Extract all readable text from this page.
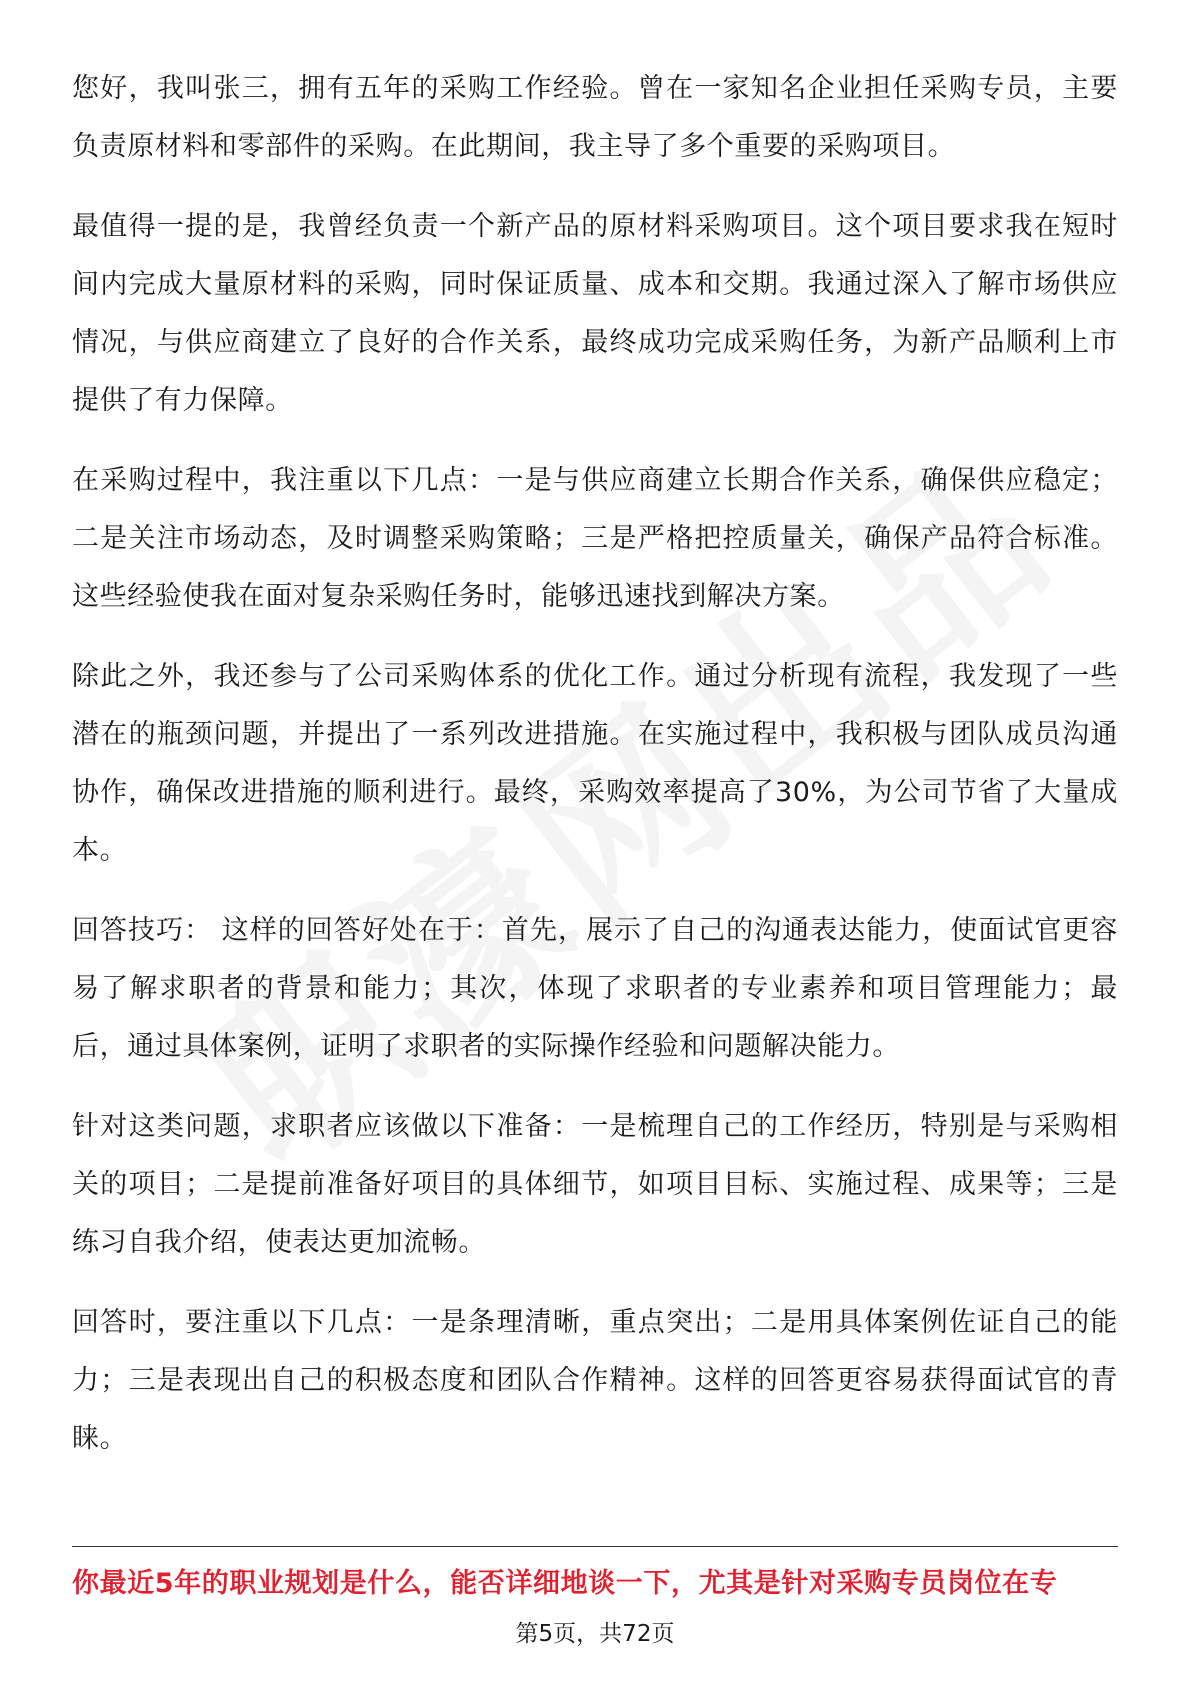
您好，我叫张三，拥有五年的采购工作经验。曾在一家知名企业担任采购专员，主要负责原材料和零部件的采购。在此期间，我主导了多个重要的采购项目。

最值得一提的是，我曾经负责一个新产品的原材料采购项目。这个项目要求我在短时间内完成大量原材料的采购，同时保证质量、成本和交期。我通过深入了解市场供应情况，与供应商建立了良好的合作关系，最终成功完成采购任务，为新产品顺利上市提供了有力保障。

在采购过程中，我注重以下几点：一是与供应商建立长期合作关系，确保供应稳定；二是关注市场动态，及时调整采购策略；三是严格把控质量关，确保产品符合标准。这些经验使我在面对复杂采购任务时，能够迅速找到解决方案。

除此之外，我还参与了公司采购体系的优化工作。通过分析现有流程，我发现了一些潜在的瓶颈问题，并提出了一系列改进措施。在实施过程中，我积极与团队成员沟通协作，确保改进措施的顺利进行。最终，采购效率提高了30%，为公司节省了大量成本。

回答技巧： 这样的回答好处在于：首先，展示了自己的沟通表达能力，使面试官更容易了解求职者的背景和能力；其次，体现了求职者的专业素养和项目管理能力；最后，通过具体案例，证明了求职者的实际操作经验和问题解决能力。

针对这类问题，求职者应该做以下准备：一是梳理自己的工作经历，特别是与采购相关的项目；二是提前准备好项目的具体细节，如项目目标、实施过程、成果等；三是练习自我介绍，使表达更加流畅。

回答时，要注重以下几点：一是条理清晰，重点突出；二是用具体案例佐证自己的能力；三是表现出自己的积极态度和团队合作精神。这样的回答更容易获得面试官的青睐。

你最近5年的职业规划是什么，能否详细地谈一下，尤其是针对采购专员岗位在专
第5页，共72页
